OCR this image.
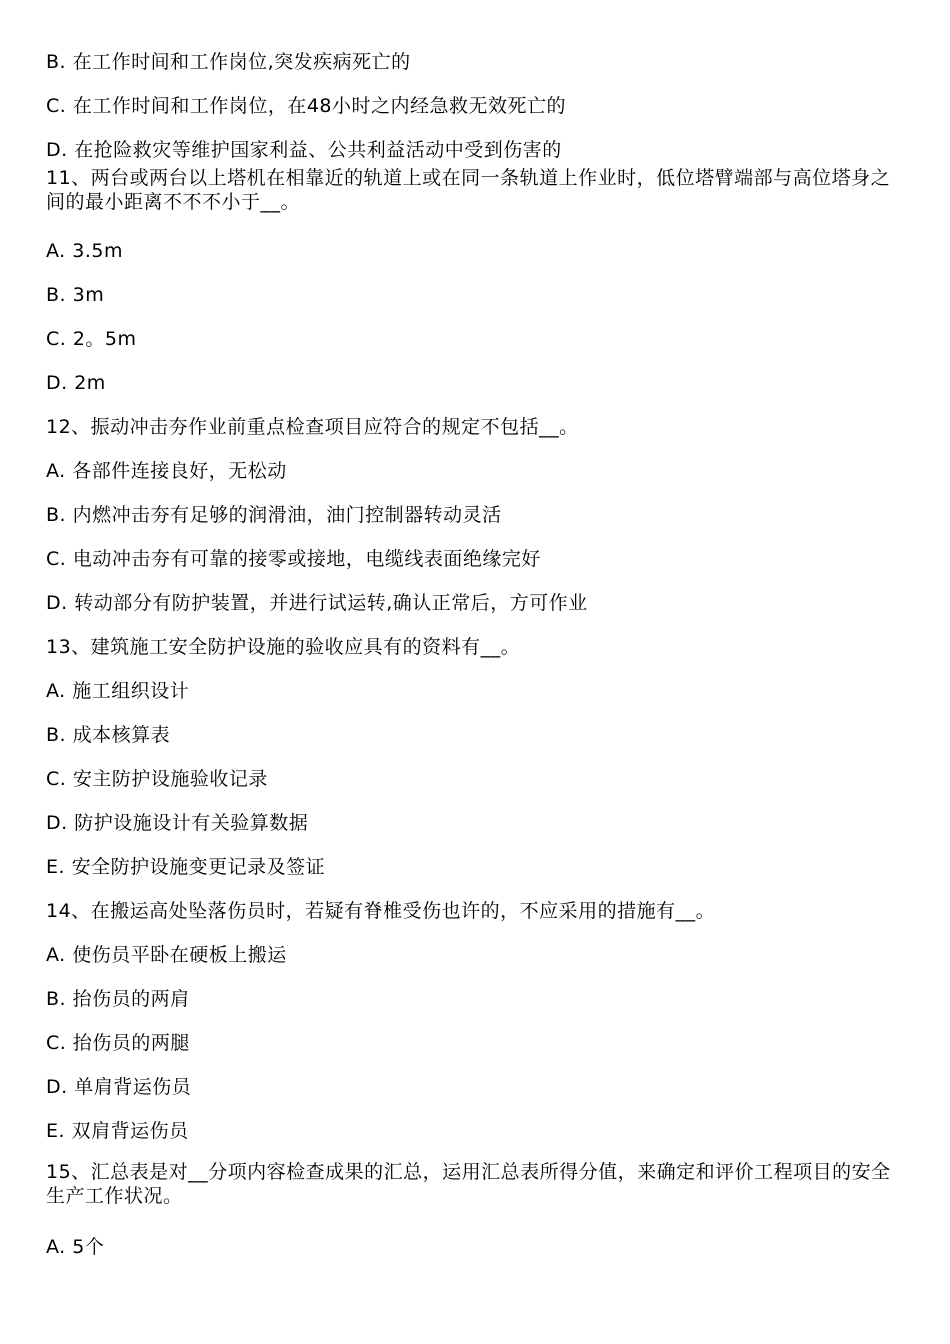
B. 在工作时间和工作岗位,突发疾病死亡的
C. 在工作时间和工作岗位，在48小时之内经急救无效死亡的
D. 在抢险救灾等维护国家利益、公共利益活动中受到伤害的
11、两台或两台以上塔机在相靠近的轨道上或在同一条轨道上作业时，低位塔臂端部与高位塔身之间的最小距离不不不小于__。
A. 3.5m
B. 3m
C. 2。5m
D. 2m
12、振动冲击夯作业前重点检查项目应符合的规定不包括__。
A. 各部件连接良好，无松动
B. 内燃冲击夯有足够的润滑油，油门控制器转动灵活
C. 电动冲击夯有可靠的接零或接地，电缆线表面绝缘完好
D. 转动部分有防护装置，并进行试运转,确认正常后，方可作业
13、建筑施工安全防护设施的验收应具有的资料有__。
A. 施工组织设计
B. 成本核算表
C. 安主防护设施验收记录
D. 防护设施设计有关验算数据
E. 安全防护设施变更记录及签证
14、在搬运高处坠落伤员时，若疑有脊椎受伤也许的，不应采用的措施有__。
A. 使伤员平卧在硬板上搬运
B. 抬伤员的两肩
C. 抬伤员的两腿
D. 单肩背运伤员
E. 双肩背运伤员
15、汇总表是对__分项内容检查成果的汇总，运用汇总表所得分值，来确定和评价工程项目的安全生产工作状况。
A. 5个
